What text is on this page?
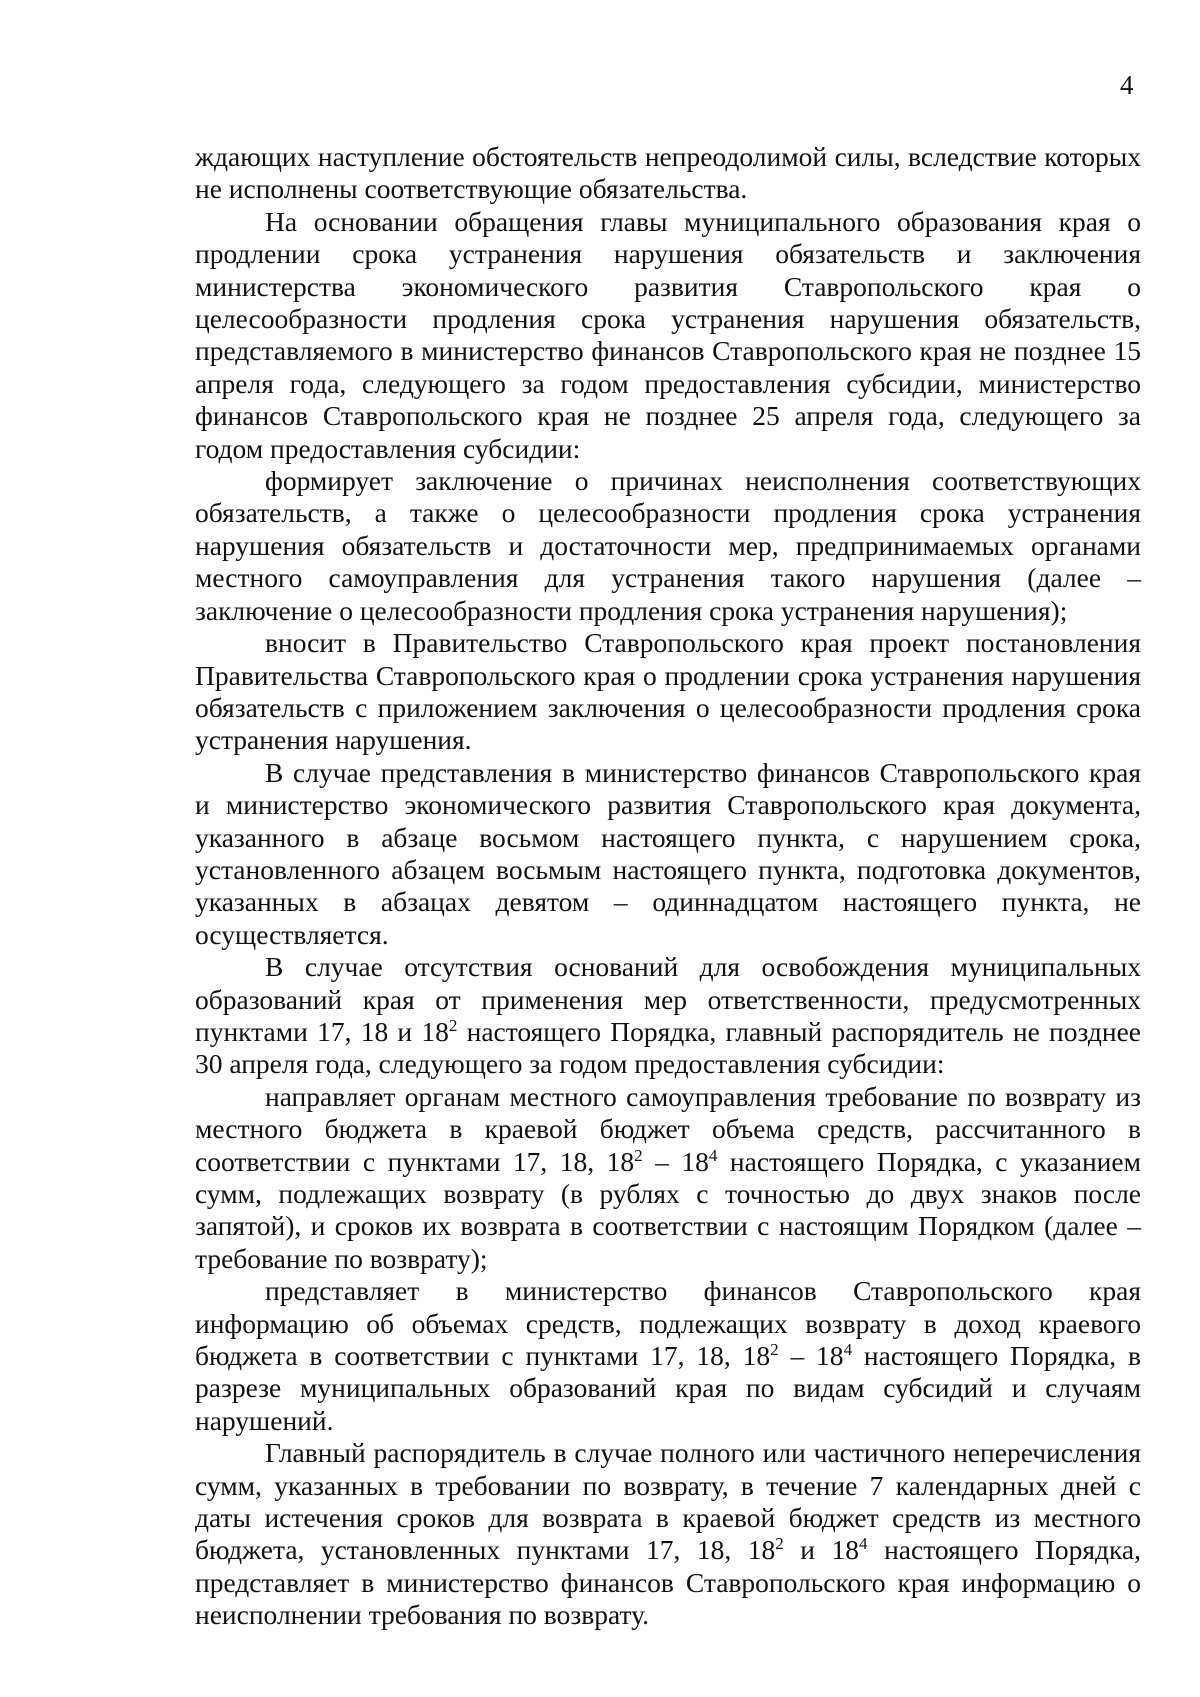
4

ждающих наступление обстоятельств непреодолимой силы, вследствие которых не исполнены соответствующие обязательства.

На основании обращения главы муниципального образования края о продлении срока устранения нарушения обязательств и заключения министерства экономического развития Ставропольского края о целесообразности продления срока устранения нарушения обязательств, представляемого в министерство финансов Ставропольского края не позднее 15 апреля года, следующего за годом предоставления субсидии, министерство финансов Ставропольского края не позднее 25 апреля года, следующего за годом предоставления субсидии:

формирует заключение о причинах неисполнения соответствующих обязательств, а также о целесообразности продления срока устранения нарушения обязательств и достаточности мер, предпринимаемых органами местного самоуправления для устранения такого нарушения (далее – заключение о целесообразности продления срока устранения нарушения);

вносит в Правительство Ставропольского края проект постановления Правительства Ставропольского края о продлении срока устранения нарушения обязательств с приложением заключения о целесообразности продления срока устранения нарушения.

В случае представления в министерство финансов Ставропольского края и министерство экономического развития Ставропольского края документа, указанного в абзаце восьмом настоящего пункта, с нарушением срока, установленного абзацем восьмым настоящего пункта, подготовка документов, указанных в абзацах девятом – одиннадцатом настоящего пункта, не осуществляется.

В случае отсутствия оснований для освобождения муниципальных образований края от применения мер ответственности, предусмотренных пунктами 17, 18 и $18^2$ настоящего Порядка, главный распорядитель не позднее 30 апреля года, следующего за годом предоставления субсидии:

направляет органам местного самоуправления требование по возврату из местного бюджета в краевой бюджет объема средств, рассчитанного в соответствии с пунктами 17, 18, $18^2 - 18^4$ настоящего Порядка, с указанием сумм, подлежащих возврату (в рублях с точностью до двух знаков после запятой), и сроков их возврата в соответствии с настоящим Порядком (далее – требование по возврату);

представляет в министерство финансов Ставропольского края информацию об объемах средств, подлежащих возврату в доход краевого бюджета в соответствии с пунктами 17, 18, $18^2 - 18^4$ настоящего Порядка, в разрезе муниципальных образований края по видам субсидий и случаям нарушений.

Главный распорядитель в случае полного или частичного неперечисления сумм, указанных в требовании по возврату, в течение 7 календарных дней с даты истечения сроков для возврата в краевой бюджет средств из местного бюджета, установленных пунктами 17, 18, $18^2$ и $18^4$ настоящего Порядка, представляет в министерство финансов Ставропольского края информацию о неисполнении требования по возврату.
